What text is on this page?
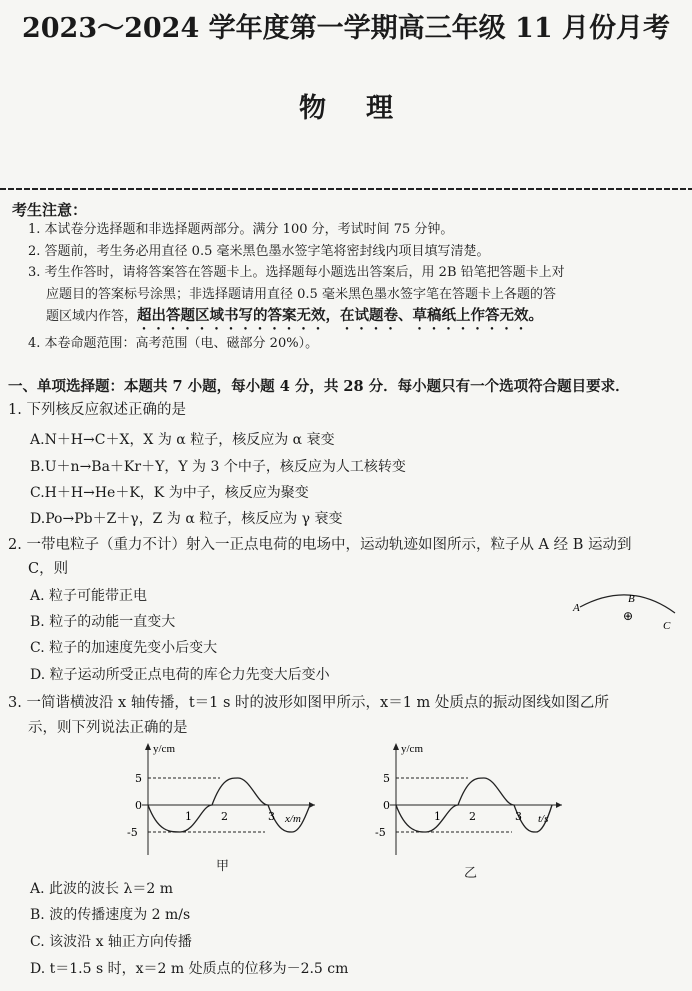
2023～2024 学年度第一学期高三年级 11 月份月考
物理
考生注意：

1. 本试卷分选择题和非选择题两部分。满分 100 分，考试时间 75 分钟。

2. 答题前，考生务必用直径 0.5 毫米黑色墨水签字笔将密封线内项目填写清楚。

3. 考生作答时，请将答案答在答题卡上。选择题每小题选出答案后，用 2B 铅笔把答题卡上对

应题目的答案标号涂黑；非选择题请用直径 0.5 毫米黑色墨水签字笔在答题卡上各题的答

题区域内作答，超出答题区域书写的答案无效，在试题卷、草稿纸上作答无效。

4. 本卷命题范围：高考范围（电、磁部分 20%）。

一、单项选择题：本题共 7 小题，每小题 4 分，共 28 分．每小题只有一个选项符合题目要求．
1. 下列核反应叙述正确的是
A.N＋H→C＋X，X 为 α 粒子，核反应为 α 衰变
B.U＋n→Ba＋Kr＋Y，Y 为 3 个中子，核反应为人工核转变
C.H＋H→He＋K，K 为中子，核反应为聚变
D.Po→Pb＋Z＋γ，Z 为 α 粒子，核反应为 γ 衰变
2. 一带电粒子（重力不计）射入一正点电荷的电场中，运动轨迹如图所示，粒子从 A 经 B 运动到
C，则
A. 粒子可能带正电
B. 粒子的动能一直变大
C. 粒子的加速度先变小后变大
D. 粒子运动所受正点电荷的库仑力先变大后变小
A
B
C
⊕
3. 一简谐横波沿 x 轴传播，t＝1 s 时的波形如图甲所示，x＝1 m 处质点的振动图线如图乙所
示，则下列说法正确的是
y/cm
x/m
5
0
-5
1	2	3
甲
y/cm
t/s
5
0
-5
1	2	3
乙
A. 此波的波长 λ＝2 m
B. 波的传播速度为 2 m/s
C. 该波沿 x 轴正方向传播
D. t＝1.5 s 时，x＝2 m 处质点的位移为－2.5 cm
